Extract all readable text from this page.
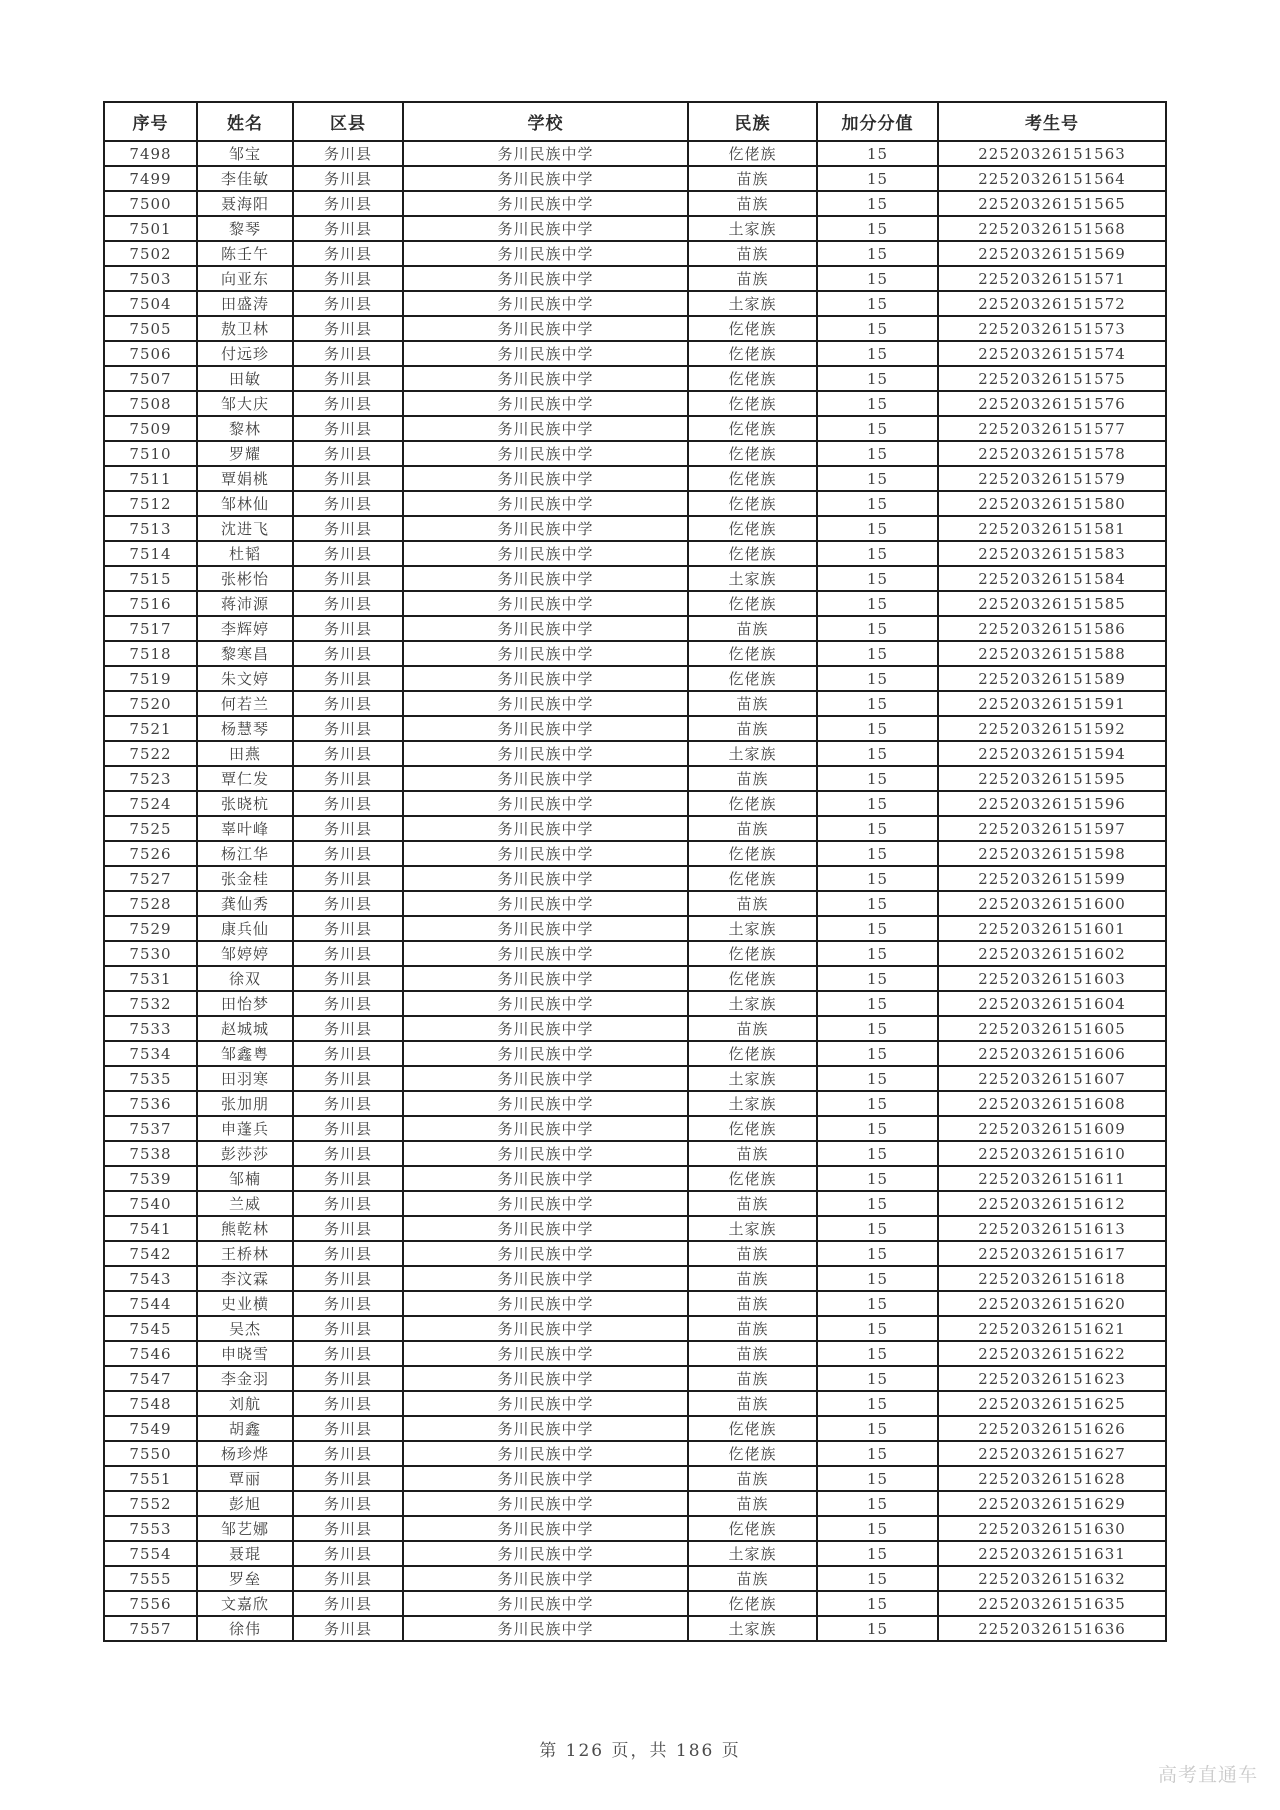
序号	姓名	区县	学校	民族	加分分值	考生号
7498	邹宝	务川县	务川民族中学	仡佬族	15	22520326151563
7499	李佳敏	务川县	务川民族中学	苗族	15	22520326151564
7500	聂海阳	务川县	务川民族中学	苗族	15	22520326151565
7501	黎琴	务川县	务川民族中学	土家族	15	22520326151568
7502	陈壬午	务川县	务川民族中学	苗族	15	22520326151569
7503	向亚东	务川县	务川民族中学	苗族	15	22520326151571
7504	田盛涛	务川县	务川民族中学	土家族	15	22520326151572
7505	敖卫林	务川县	务川民族中学	仡佬族	15	22520326151573
7506	付远珍	务川县	务川民族中学	仡佬族	15	22520326151574
7507	田敏	务川县	务川民族中学	仡佬族	15	22520326151575
7508	邹大庆	务川县	务川民族中学	仡佬族	15	22520326151576
7509	黎林	务川县	务川民族中学	仡佬族	15	22520326151577
7510	罗耀	务川县	务川民族中学	仡佬族	15	22520326151578
7511	覃娟桃	务川县	务川民族中学	仡佬族	15	22520326151579
7512	邹林仙	务川县	务川民族中学	仡佬族	15	22520326151580
7513	沈进飞	务川县	务川民族中学	仡佬族	15	22520326151581
7514	杜韬	务川县	务川民族中学	仡佬族	15	22520326151583
7515	张彬怡	务川县	务川民族中学	土家族	15	22520326151584
7516	蒋沛源	务川县	务川民族中学	仡佬族	15	22520326151585
7517	李辉婷	务川县	务川民族中学	苗族	15	22520326151586
7518	黎寒昌	务川县	务川民族中学	仡佬族	15	22520326151588
7519	朱文婷	务川县	务川民族中学	仡佬族	15	22520326151589
7520	何若兰	务川县	务川民族中学	苗族	15	22520326151591
7521	杨慧琴	务川县	务川民族中学	苗族	15	22520326151592
7522	田燕	务川县	务川民族中学	土家族	15	22520326151594
7523	覃仁发	务川县	务川民族中学	苗族	15	22520326151595
7524	张晓杭	务川县	务川民族中学	仡佬族	15	22520326151596
7525	辜叶峰	务川县	务川民族中学	苗族	15	22520326151597
7526	杨江华	务川县	务川民族中学	仡佬族	15	22520326151598
7527	张金桂	务川县	务川民族中学	仡佬族	15	22520326151599
7528	龚仙秀	务川县	务川民族中学	苗族	15	22520326151600
7529	康兵仙	务川县	务川民族中学	土家族	15	22520326151601
7530	邹婷婷	务川县	务川民族中学	仡佬族	15	22520326151602
7531	徐双	务川县	务川民族中学	仡佬族	15	22520326151603
7532	田怡梦	务川县	务川民族中学	土家族	15	22520326151604
7533	赵城城	务川县	务川民族中学	苗族	15	22520326151605
7534	邹鑫粤	务川县	务川民族中学	仡佬族	15	22520326151606
7535	田羽寒	务川县	务川民族中学	土家族	15	22520326151607
7536	张加朋	务川县	务川民族中学	土家族	15	22520326151608
7537	申蓬兵	务川县	务川民族中学	仡佬族	15	22520326151609
7538	彭莎莎	务川县	务川民族中学	苗族	15	22520326151610
7539	邹楠	务川县	务川民族中学	仡佬族	15	22520326151611
7540	兰威	务川县	务川民族中学	苗族	15	22520326151612
7541	熊乾林	务川县	务川民族中学	土家族	15	22520326151613
7542	王桥林	务川县	务川民族中学	苗族	15	22520326151617
7543	李汶霖	务川县	务川民族中学	苗族	15	22520326151618
7544	史业横	务川县	务川民族中学	苗族	15	22520326151620
7545	吴杰	务川县	务川民族中学	苗族	15	22520326151621
7546	申晓雪	务川县	务川民族中学	苗族	15	22520326151622
7547	李金羽	务川县	务川民族中学	苗族	15	22520326151623
7548	刘航	务川县	务川民族中学	苗族	15	22520326151625
7549	胡鑫	务川县	务川民族中学	仡佬族	15	22520326151626
7550	杨珍烨	务川县	务川民族中学	仡佬族	15	22520326151627
7551	覃丽	务川县	务川民族中学	苗族	15	22520326151628
7552	彭旭	务川县	务川民族中学	苗族	15	22520326151629
7553	邹艺娜	务川县	务川民族中学	仡佬族	15	22520326151630
7554	聂琨	务川县	务川民族中学	土家族	15	22520326151631
7555	罗垒	务川县	务川民族中学	苗族	15	22520326151632
7556	文嘉欣	务川县	务川民族中学	仡佬族	15	22520326151635
7557	徐伟	务川县	务川民族中学	土家族	15	22520326151636
第 126 页，共 186 页
高考直通车
